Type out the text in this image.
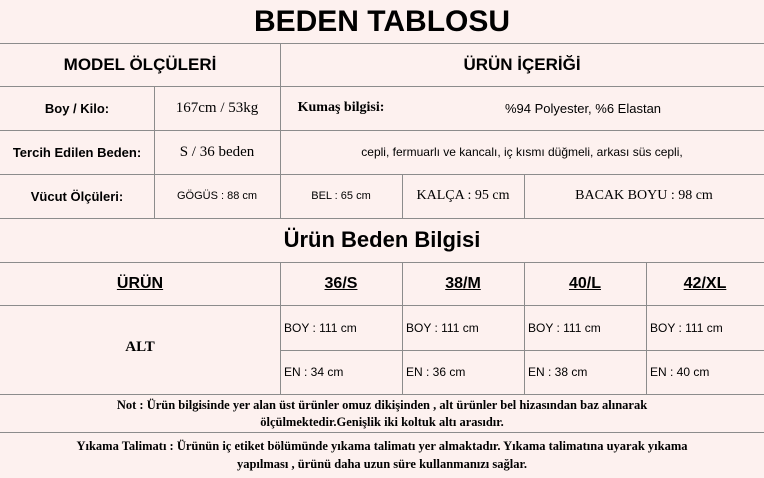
BEDEN TABLOSU
MODEL ÖLÇÜLERİ	ÜRÜN İÇERİĞİ
Boy / Kilo:	167cm / 53kg	Kumaş bilgisi:	%94 Polyester, %6 Elastan
Tercih Edilen Beden:	S / 36 beden	cepli, fermuarlı ve kancalı, iç kısmı düğmeli, arkası süs cepli,
Vücut Ölçüleri:	GÖGÜS : 88 cm	BEL : 65 cm	KALÇA : 95 cm	BACAK BOYU : 98 cm
Ürün Beden Bilgisi
ÜRÜN	36/S	38/M	40/L	42/XL
ALT
BOY : 111 cm	BOY : 111 cm	BOY : 111 cm	BOY : 111 cm
EN : 34 cm	EN : 36 cm	EN : 38 cm	EN : 40 cm
Not : Ürün bilgisinde yer alan üst ürünler omuz dikişinden , alt ürünler bel hizasından baz alınarak
ölçülmektedir.Genişlik iki koltuk altı arasıdır.
Yıkama Talimatı : Ürünün iç etiket bölümünde yıkama talimatı yer almaktadır. Yıkama talimatına uyarak yıkama
yapılması , ürünü daha uzun süre kullanmanızı sağlar.
